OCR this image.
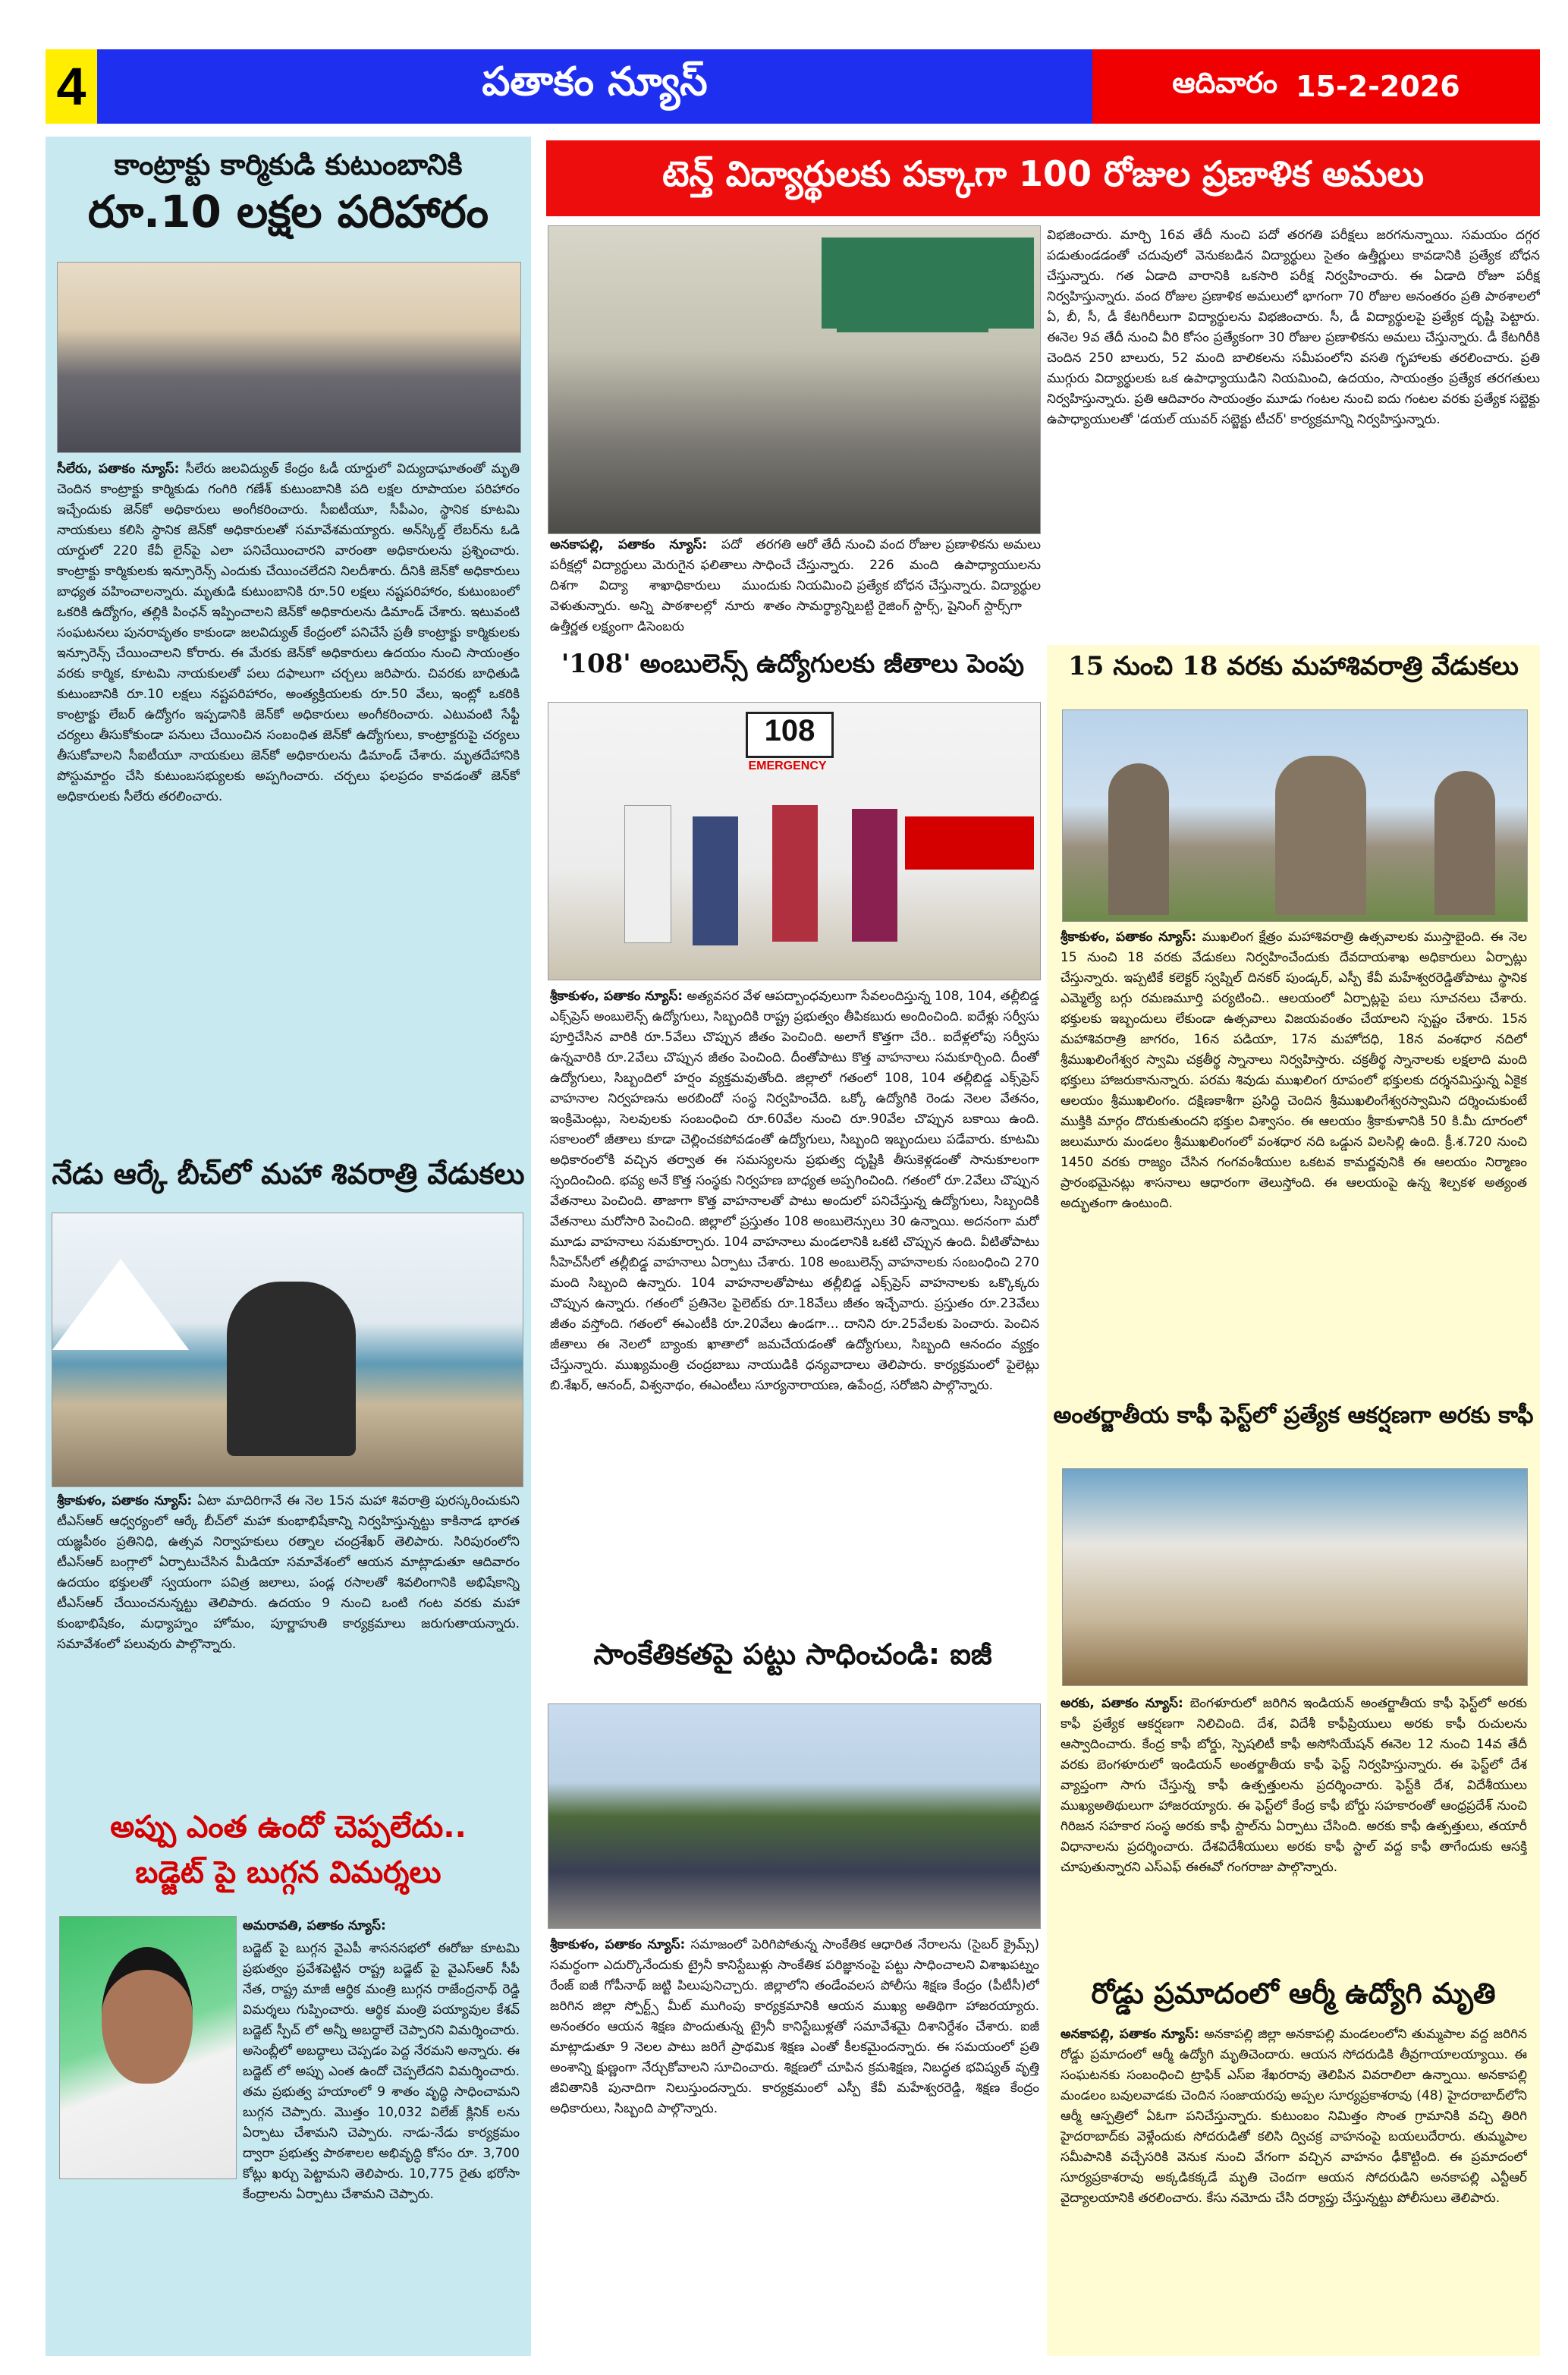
4	పతాకం న్యూస్	ఆదివారం 15-2-2026
కాంట్రాక్టు కార్మికుడి కుటుంబానికి
రూ.10 లక్షల పరిహారం
సీలేరు, పతాకం న్యూస్: సీలేరు జలవిద్యుత్ కేంద్రం ఓడీ యార్డులో విద్యుదాఘాతంతో మృతి చెందిన కాంట్రాక్టు కార్మికుడు గంగిరి గణేశ్ కుటుంబానికి పది లక్షల రూపాయల పరిహారం ఇచ్చేందుకు జెన్‌కో అధికారులు అంగీకరించారు. సీఐటీయూ, సీపీఎం, స్థానిక కూటమి నాయకులు కలిసి స్థానిక జెన్‌కో అధికారులతో సమావేశమయ్యారు. అన్‌స్కిల్డ్ లేబర్‌ను ఓడి యార్డులో 220 కేవీ లైన్‌పై ఎలా పనిచేయించారని వారంతా అధికారులను ప్రశ్నించారు. కాంట్రాక్టు కార్మికులకు ఇన్సూరెన్స్ ఎందుకు చేయించలేదని నిలదీశారు. దీనికి జెన్‌కో అధికారులు బాధ్యత వహించాలన్నారు. మృతుడి కుటుంబానికి రూ.50 లక్షలు నష్టపరిహారం, కుటుంబంలో ఒకరికి ఉద్యోగం, తల్లికి పింఛన్ ఇప్పించాలని జెన్‌కో అధికారులను డిమాండ్ చేశారు. ఇటువంటి సంఘటనలు పునరావృతం కాకుండా జలవిద్యుత్ కేంద్రంలో పనిచేసే ప్రతీ కాంట్రాక్టు కార్మికులకు ఇన్సూరెన్స్ చేయించాలని కోరారు. ఈ మేరకు జెన్‌కో అధికారులు ఉదయం నుంచి సాయంత్రం వరకు కార్మిక, కూటమి నాయకులతో పలు దఫాలుగా చర్చలు జరిపారు. చివరకు బాధితుడి కుటుంబానికి రూ.10 లక్షలు నష్టపరిహారం, అంత్యక్రియలకు రూ.50 వేలు, ఇంట్లో ఒకరికి కాంట్రాక్టు లేబర్ ఉద్యోగం ఇప్పడానికి జెన్‌కో అధికారులు అంగీకరించారు. ఎటువంటి సేఫ్టీ చర్యలు తీసుకోకుండా పనులు చేయించిన సంబంధిత జెన్‌కో ఉద్యోగులు, కాంట్రాక్టరుపై చర్యలు తీసుకోవాలని సీఐటీయూ నాయకులు జెన్‌కో అధికారులను డిమాండ్ చేశారు. మృతదేహానికి పోస్టుమార్టం చేసి కుటుంబసభ్యులకు అప్పగించారు. చర్చలు ఫలప్రదం కావడంతో జెన్‌కో అధికారులకు సీలేరు తరలించారు.
నేడు ఆర్కే బీచ్‌లో మహా శివరాత్రి వేడుకలు
శ్రీకాకుళం, పతాకం న్యూస్: ఏటా మాదిరిగానే ఈ నెల 15న మహా శివరాత్రి పురస్కరించుకుని టీఎస్ఆర్ ఆధ్వర్యంలో ఆర్కే బీచ్‌లో మహా కుంభాభిషేకాన్ని నిర్వహిస్తున్నట్టు కాకినాడ భారత యజ్ఞపీఠం ప్రతినిధి, ఉత్సవ నిర్వాహకులు రత్నాల చంద్రశేఖర్ తెలిపారు. సిరిపురంలోని టీఎస్ఆర్ బంగ్లాలో ఏర్పాటుచేసిన మీడియా సమావేశంలో ఆయన మాట్లాడుతూ ఆదివారం ఉదయం భక్తులతో స్వయంగా పవిత్ర జలాలు, పండ్ల రసాలతో శివలింగానికి అభిషేకాన్ని టీఎస్ఆర్ చేయించనున్నట్టు తెలిపారు. ఉదయం 9 నుంచి ఒంటి గంట వరకు మహా కుంభాభిషేకం, మధ్యాహ్నం హోమం, పూర్ణాహుతి కార్యక్రమాలు జరుగుతాయన్నారు. సమావేశంలో పలువురు పాల్గొన్నారు.
అప్పు ఎంత ఉందో చెప్పలేదు..
బడ్జెట్ పై బుగ్గన విమర్శలు
అమరావతి, పతాకం న్యూస్:
బడ్జెట్ పై బుగ్గన వైఎపీ శాసనసభలో ఈరోజు కూటమి ప్రభుత్వం ప్రవేశపెట్టిన రాష్ట్ర బడ్జెట్ పై వైఎస్ఆర్ సీపీ నేత, రాష్ట్ర మాజీ ఆర్థిక మంత్రి బుగ్గన రాజేంద్రనాథ్ రెడ్డి విమర్శలు గుప్పించారు. ఆర్థిక మంత్రి పయ్యావుల కేశవ్ బడ్జెట్ స్పీచ్ లో అన్నీ అబద్ధాలే చెప్పారని విమర్శించారు. అసెంబ్లీలో అబద్ధాలు చెప్పడం పెద్ద నేరమని అన్నారు. ఈ బడ్జెట్ లో అప్పు ఎంత ఉందో చెప్పలేదని విమర్శించారు. తమ ప్రభుత్వ హయాంలో 9 శాతం వృద్ధి సాధించామని బుగ్గన చెప్పారు. మొత్తం 10,032 విలేజ్ క్లినిక్ లను ఏర్పాటు చేశామని చెప్పారు. నాడు-నేడు కార్యక్రమం ద్వారా ప్రభుత్వ పాఠశాలల అభివృద్ధి కోసం రూ. 3,700 కోట్లు ఖర్చు పెట్టామని తెలిపారు. 10,775 రైతు భరోసా కేంద్రాలను ఏర్పాటు చేశామని చెప్పారు.
టెన్త్ విద్యార్థులకు పక్కాగా 100 రోజుల ప్రణాళిక అమలు
విభజించారు. మార్చి 16వ తేదీ నుంచి పదో తరగతి పరీక్షలు జరగనున్నాయి. సమయం దగ్గర పడుతుండడంతో చదువులో వెనుకబడిన విద్యార్థులు సైతం ఉత్తీర్ణులు కావడానికి ప్రత్యేక బోధన చేస్తున్నారు. గత ఏడాది వారానికి ఒకసారి పరీక్ష నిర్వహించారు. ఈ ఏడాది రోజూ పరీక్ష నిర్వహిస్తున్నారు. వంద రోజుల ప్రణాళిక అమలులో భాగంగా 70 రోజుల అనంతరం ప్రతి పాఠశాలలో ఏ, బీ, సీ, డీ కేటగిరీలుగా విద్యార్థులను విభజించారు. సీ, డీ విద్యార్థులపై ప్రత్యేక దృష్టి పెట్టారు. ఈనెల 9వ తేదీ నుంచి వీరి కోసం ప్రత్యేకంగా 30 రోజుల ప్రణాళికను అమలు చేస్తున్నారు. డీ కేటగిరీకి చెందిన 250 బాలురు, 52 మంది బాలికలను సమీపంలోని వసతి గృహాలకు తరలించారు. ప్రతి ముగ్గురు విద్యార్థులకు ఒక ఉపాధ్యాయుడిని నియమించి, ఉదయం, సాయంత్రం ప్రత్యేక తరగతులు నిర్వహిస్తున్నారు. ప్రతి ఆదివారం సాయంత్రం మూడు గంటల నుంచి ఐదు గంటల వరకు ప్రత్యేక సబ్జెక్టు ఉపాధ్యాయులతో 'డయల్ యువర్ సబ్జెక్టు టీచర్' కార్యక్రమాన్ని నిర్వహిస్తున్నారు.
అనకాపల్లి, పతాకం న్యూస్: పదో తరగతి పరీక్షల్లో విద్యార్థులు మెరుగైన ఫలితాలు సాధించే దిశగా విద్యా శాఖాధికారులు ముందుకు వెళుతున్నారు. అన్ని పాఠశాలల్లో నూరు శాతం ఉత్తీర్ణత లక్ష్యంగా డిసెంబరు
ఆరో తేదీ నుంచి వంద రోజుల ప్రణాళికను అమలు చేస్తున్నారు. 226 మంది ఉపాధ్యాయులను నియమించి ప్రత్యేక బోధన చేస్తున్నారు. విద్యార్థుల సామర్థ్యాన్నిబట్టి రైజింగ్ స్టార్స్, షైనింగ్ స్టార్స్‌గా
'108' అంబులెన్స్ ఉద్యోగులకు జీతాలు పెంపు
108
EMERGENCY
శ్రీకాకుళం, పతాకం న్యూస్: అత్యవసర వేళ ఆపద్బాంధవులుగా సేవలందిస్తున్న 108, 104, తల్లీబిడ్డ ఎక్స్‌ప్రెస్ అంబులెన్స్ ఉద్యోగులు, సిబ్బందికి రాష్ట్ర ప్రభుత్వం తీపికబురు అందించింది. ఐదేళ్లు సర్వీసు పూర్తిచేసిన వారికి రూ.5వేలు చొప్పున జీతం పెంచింది. అలాగే కొత్తగా చేరి.. ఐదేళ్లలోపు సర్వీసు ఉన్నవారికి రూ.2వేలు చొప్పున జీతం పెంచింది. దీంతోపాటు కొత్త వాహనాలు సమకూర్చింది. దీంతో ఉద్యోగులు, సిబ్బందిలో హర్షం వ్యక్తమవుతోంది. జిల్లాలో గతంలో 108, 104 తల్లీబిడ్డ ఎక్స్‌ప్రెస్ వాహనాల నిర్వహణను అరబిందో సంస్థ నిర్వహించేది. ఒక్కో ఉద్యోగికి రెండు నెలల వేతనం, ఇంక్రిమెంట్లు, సెలవులకు సంబంధించి రూ.60వేల నుంచి రూ.90వేల చొప్పున బకాయి ఉంది. సకాలంలో జీతాలు కూడా చెల్లించకపోవడంతో ఉద్యోగులు, సిబ్బంది ఇబ్బందులు పడేవారు. కూటమి అధికారంలోకి వచ్చిన తర్వాత ఈ సమస్యలను ప్రభుత్వ దృష్టికి తీసుకెళ్లడంతో సానుకూలంగా స్పందించింది. భవ్య అనే కొత్త సంస్థకు నిర్వహణ బాధ్యత అప్పగించింది. గతంలో రూ.2వేలు చొప్పున వేతనాలు పెంచింది. తాజాగా కొత్త వాహనాలతో పాటు అందులో పనిచేస్తున్న ఉద్యోగులు, సిబ్బందికి వేతనాలు మరోసారి పెంచింది. జిల్లాలో ప్రస్తుతం 108 అంబులెన్సులు 30 ఉన్నాయి. అదనంగా మరో మూడు వాహనాలు సమకూర్చారు. 104 వాహనాలు మండలానికి ఒకటి చొప్పున ఉంది. వీటితోపాటు సీహెచ్‌సీలో తల్లీబిడ్డ వాహనాలు ఏర్పాటు చేశారు. 108 అంబులెన్స్ వాహనాలకు సంబంధించి 270 మంది సిబ్బంది ఉన్నారు. 104 వాహనాలతోపాటు తల్లీబిడ్డ ఎక్స్‌ప్రెస్ వాహనాలకు ఒక్కొక్కరు చొప్పున ఉన్నారు. గతంలో ప్రతినెల పైలెట్‌కు రూ.18వేలు జీతం ఇచ్చేవారు. ప్రస్తుతం రూ.23వేలు జీతం వస్తోంది. గతంలో ఈఎంటీకి రూ.20వేలు ఉండగా... దానిని రూ.25వేలకు పెంచారు. పెంచిన జీతాలు ఈ నెలలో బ్యాంకు ఖాతాలో జమచేయడంతో ఉద్యోగులు, సిబ్బంది ఆనందం వ్యక్తం చేస్తున్నారు. ముఖ్యమంత్రి చంద్రబాబు నాయుడికి ధన్యవాదాలు తెలిపారు. కార్యక్రమంలో పైలెట్లు బి.శేఖర్, ఆనంద్, విశ్వనాథం, ఈఎంటీలు సూర్యనారాయణ, ఉపేంద్ర, సరోజిని పాల్గొన్నారు.
సాంకేతికతపై పట్టు సాధించండి: ఐజీ
శ్రీకాకుళం, పతాకం న్యూస్: సమాజంలో పెరిగిపోతున్న సాంకేతిక ఆధారిత నేరాలను (సైబర్ క్రైమ్స్) సమర్థంగా ఎదుర్కొనేందుకు ట్రైనీ కానిస్టేబుళ్లు సాంకేతిక పరిజ్ఞానంపై పట్టు సాధించాలని విశాఖపట్నం రేంజ్ ఐజీ గోపీనాథ్ జట్టి పిలుపునిచ్చారు. జిల్లాలోని తండేంవలస పోలీసు శిక్షణ కేంద్రం (పీటీసీ)లో జరిగిన జిల్లా స్పోర్ట్స్ మీట్ ముగింపు కార్యక్రమానికి ఆయన ముఖ్య అతిథిగా హాజరయ్యారు. అనంతరం ఆయన శిక్షణ పొందుతున్న ట్రైనీ కానిస్టేబుళ్లతో సమావేశమై దిశానిర్దేశం చేశారు. ఐజీ మాట్లాడుతూ 9 నెలల పాటు జరిగే ప్రాథమిక శిక్షణ ఎంతో కీలకమైందన్నారు. ఈ సమయంలో ప్రతి అంశాన్ని క్షుణ్ణంగా నేర్చుకోవాలని సూచించారు. శిక్షణలో చూపిన క్రమశిక్షణ, నిబద్ధత భవిష్యత్ వృత్తి జీవితానికి పునాదిగా నిలుస్తుందన్నారు. కార్యక్రమంలో ఎస్పీ కేవీ మహేశ్వరరెడ్డి, శిక్షణ కేంద్రం అధికారులు, సిబ్బంది పాల్గొన్నారు.
15 నుంచి 18 వరకు మహాశివరాత్రి వేడుకలు
శ్రీకాకుళం, పతాకం న్యూస్: ముఖలింగ క్షేత్రం మహాశివరాత్రి ఉత్సవాలకు ముస్తాబైంది. ఈ నెల 15 నుంచి 18 వరకు వేడుకలు నిర్వహించేందుకు దేవదాయశాఖ అధికారులు ఏర్పాట్లు చేస్తున్నారు. ఇప్పటికే కలెక్టర్ స్వప్నిల్ దినకర్ పుండ్కర్, ఎస్పీ కేవీ మహేశ్వరరెడ్డితోపాటు స్థానిక ఎమ్మెల్యే బగ్గు రమణమూర్తి పర్యటించి.. ఆలయంలో ఏర్పాట్లపై పలు సూచనలు చేశారు. భక్తులకు ఇబ్బందులు లేకుండా ఉత్సవాలు విజయవంతం చేయాలని స్పష్టం చేశారు. 15న మహాశివరాత్రి జాగరం, 16న పడియా, 17న మహోదధి, 18న వంశధార నదిలో శ్రీముఖలింగేశ్వర స్వామి చక్రతీర్థ స్నానాలు నిర్వహిస్తారు. చక్రతీర్థ స్నానాలకు లక్షలాది మంది భక్తులు హాజరుకానున్నారు. పరమ శివుడు ముఖలింగ రూపంలో భక్తులకు దర్శనమిస్తున్న ఏకైక ఆలయం శ్రీముఖలింగం. దక్షిణకాశీగా ప్రసిద్ధి చెందిన శ్రీముఖలింగేశ్వరస్వామిని దర్శించుకుంటే ముక్తికి మార్గం దొరుకుతుందని భక్తుల విశ్వాసం. ఈ ఆలయం శ్రీకాకుళానికి 50 కి.మీ దూరంలో జలుమూరు మండలం శ్రీముఖలింగంలో వంశధార నది ఒడ్డున విలసిల్లి ఉంది. క్రీ.శ.720 నుంచి 1450 వరకు రాజ్యం చేసిన గంగవంశీయుల ఒకటవ కామర్ణవునికి ఈ ఆలయం నిర్మాణం ప్రారంభమైనట్లు శాసనాలు ఆధారంగా తెలుస్తోంది. ఈ ఆలయంపై ఉన్న శిల్పకళ అత్యంత అద్భుతంగా ఉంటుంది.
అంతర్జాతీయ కాఫీ ఫెస్ట్‌లో ప్రత్యేక ఆకర్షణగా అరకు కాఫీ
అరకు, పతాకం న్యూస్: బెంగళూరులో జరిగిన ఇండియన్ అంతర్జాతీయ కాఫీ ఫెస్ట్‌లో అరకు కాఫీ ప్రత్యేక ఆకర్షణగా నిలిచింది. దేశ, విదేశీ కాఫీప్రియులు అరకు కాఫీ రుచులను ఆస్వాదించారు. కేంద్ర కాఫీ బోర్డు, స్పెషలిటీ కాఫీ అసోసియేషన్ ఈనెల 12 నుంచి 14వ తేదీ వరకు బెంగళూరులో ఇండియన్ అంతర్జాతీయ కాఫీ ఫెస్ట్ నిర్వహిస్తున్నారు. ఈ ఫెస్ట్‌లో దేశ వ్యాప్తంగా సాగు చేస్తున్న కాఫీ ఉత్పత్తులను ప్రదర్శించారు. ఫెస్ట్‌కి దేశ, విదేశీయులు ముఖ్యఅతిథులుగా హాజరయ్యారు. ఈ ఫెస్ట్‌లో కేంద్ర కాఫీ బోర్డు సహకారంతో ఆంధ్రప్రదేశ్ నుంచి గిరిజన సహకార సంస్థ అరకు కాఫీ స్టాల్‌ను ఏర్పాటు చేసింది. అరకు కాఫీ ఉత్పత్తులు, తయారీ విధానాలను ప్రదర్శించారు. దేశవిదేశీయులు అరకు కాఫీ స్టాల్ వద్ద కాఫీ తాగేందుకు ఆసక్తి చూపుతున్నారని ఎస్‌ఎఫ్ ఈఈవో గంగరాజు పాల్గొన్నారు.
రోడ్డు ప్రమాదంలో ఆర్మీ ఉద్యోగి మృతి
అనకాపల్లి, పతాకం న్యూస్: అనకాపల్లి జిల్లా అనకాపల్లి మండలంలోని తుమ్మపాల వద్ద జరిగిన రోడ్డు ప్రమాదంలో ఆర్మీ ఉద్యోగి మృతిచెందారు. ఆయన సోదరుడికి తీవ్రగాయాలయ్యాయి. ఈ సంఘటనకు సంబంధించి ట్రాఫిక్ ఎస్ఐ శేఖరరావు తెలిపిన వివరాలిలా ఉన్నాయి. అనకాపల్లి మండలం బవులవాడకు చెందిన సంజాయరపు అప్పల సూర్యప్రకాశరావు (48) హైదరాబాద్‌లోని ఆర్మీ ఆస్పత్రిలో ఏఓగా పనిచేస్తున్నారు. కుటుంబం నిమిత్తం సొంత గ్రామానికి వచ్చి తిరిగి హైదరాబాద్‌కు వెళ్లేందుకు సోదరుడితో కలిసి ద్విచక్ర వాహనంపై బయలుదేరారు. తుమ్మపాల సమీపానికి వచ్చేసరికి వెనుక నుంచి వేగంగా వచ్చిన వాహనం ఢీకొట్టింది. ఈ ప్రమాదంలో సూర్యప్రకాశరావు అక్కడికక్కడే మృతి చెందగా ఆయన సోదరుడిని అనకాపల్లి ఎన్టీఆర్ వైద్యాలయానికి తరలించారు. కేసు నమోదు చేసి దర్యాప్తు చేస్తున్నట్టు పోలీసులు తెలిపారు.
